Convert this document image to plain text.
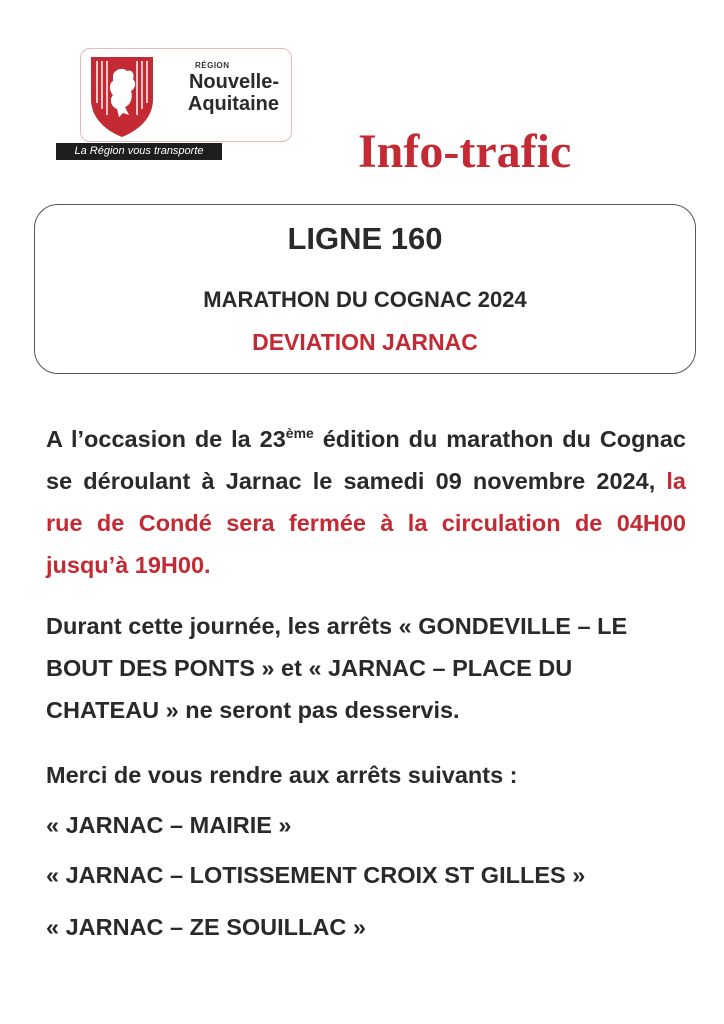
RÉGION
Nouvelle-
Aquitaine
La Région vous transporte	Info-trafic
LIGNE 160
MARATHON DU COGNAC 2024
DEVIATION JARNAC
A l’occasion de la 23ème édition du marathon du Cognac se déroulant à Jarnac le samedi 09 novembre 2024, la rue de Condé sera fermée à la circulation de 04H00 jusqu’à 19H00.
Durant cette journée, les arrêts « GONDEVILLE – LE BOUT DES PONTS » et « JARNAC – PLACE DU CHATEAU » ne seront pas desservis.
Merci de vous rendre aux arrêts suivants :
« JARNAC – MAIRIE »
« JARNAC – LOTISSEMENT CROIX ST GILLES »
« JARNAC – ZE SOUILLAC »
